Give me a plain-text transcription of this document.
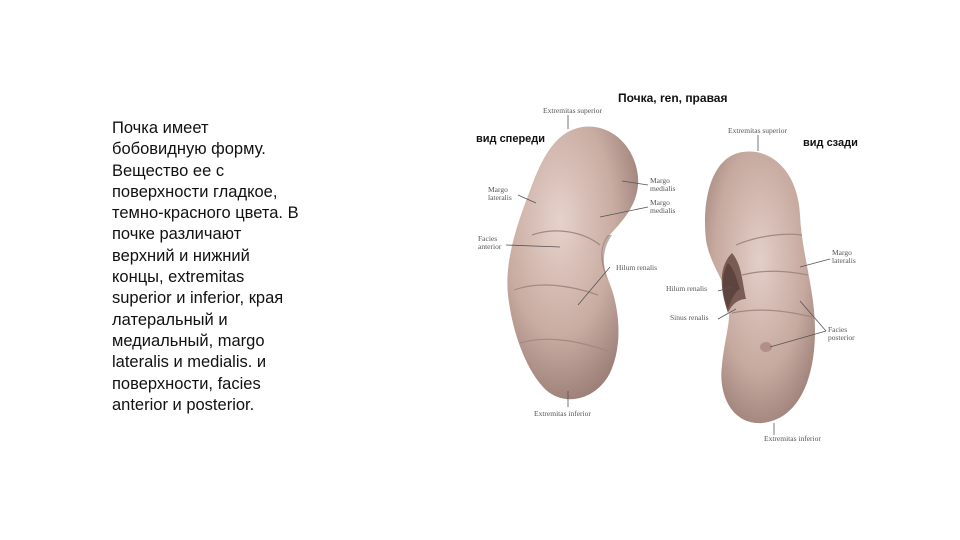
Почка имеет
бобовидную форму.
Вещество ее с
поверхности гладкое,
темно-красного цвета. В
почке различают
верхний и нижний
концы, extremitas
superior и inferior, края
латеральный и
медиальный, margo
lateralis и medialis. и
поверхности, facies
anterior и posterior.
Почка, ren, правая
вид спереди	вид сзади
Extremitas superior
Margo
lateralis
Facies
anterior
Margo
medialis
Margo
medialis
Hilum renalis
Extremitas inferior
Extremitas superior
Margo
lateralis
Hilum renalis
Sinus renalis
Facies
posterior
Extremitas inferior
